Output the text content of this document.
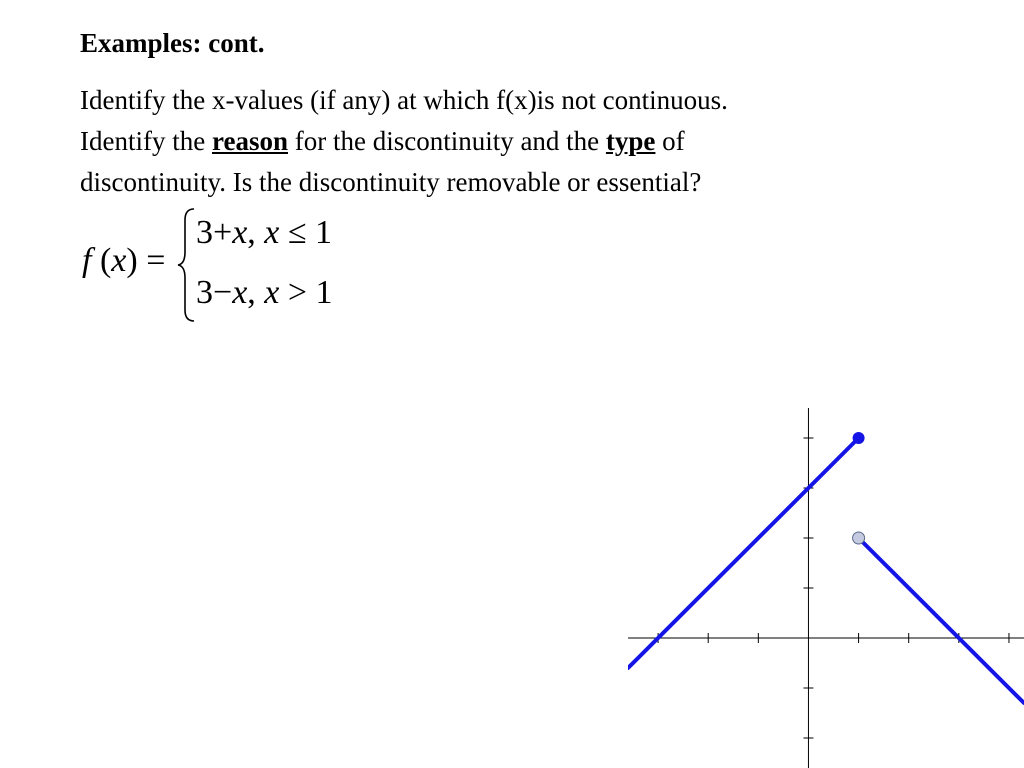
Examples: cont.
Identify the x-values (if any) at which f(x)is not continuous.
Identify the reason for the discontinuity and the type of
discontinuity. Is the discontinuity removable or essential?
f (x) =
3+x, x ≤ 1
3−x, x > 1
